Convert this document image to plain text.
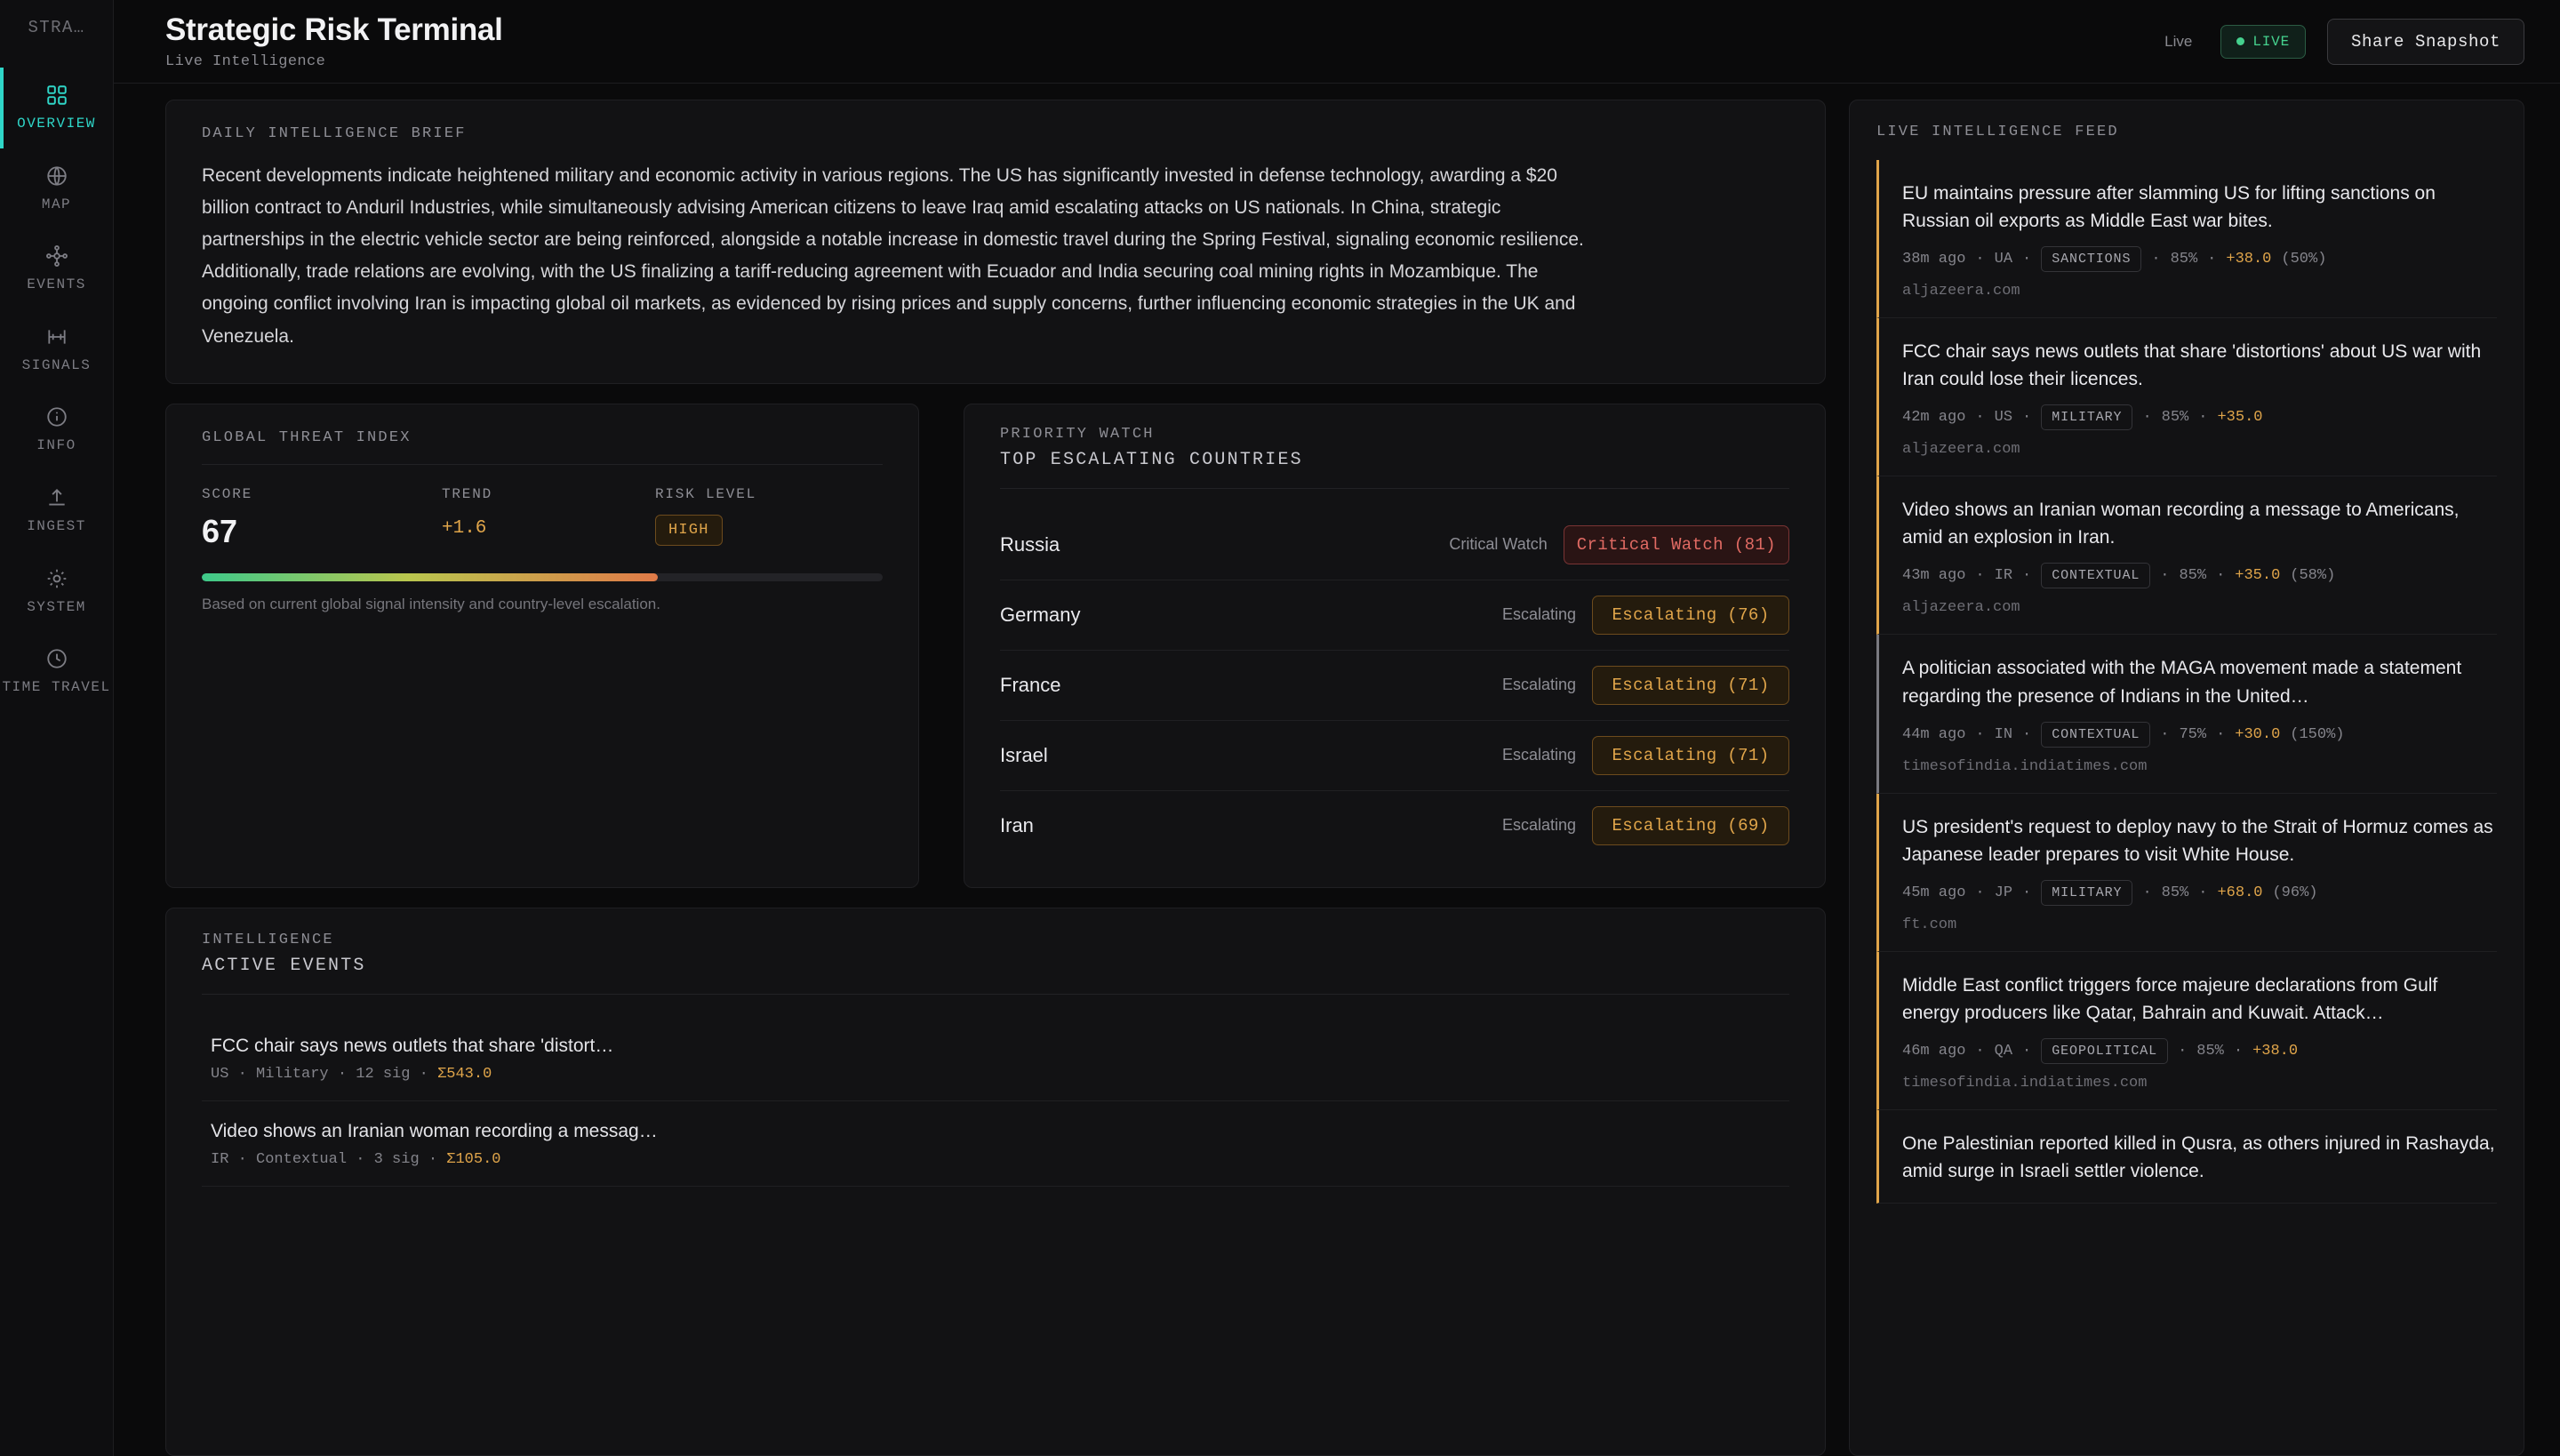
STRA…
OVERVIEW
MAP
EVENTS
SIGNALS
INFO
INGEST
SYSTEM
TIME TRAVEL
Strategic Risk Terminal
Live Intelligence
Live	LIVE	Share Snapshot
DAILY INTELLIGENCE BRIEF

Recent developments indicate heightened military and economic activity in various regions. The US has significantly invested in defense technology, awarding a $20 billion contract to Anduril Industries, while simultaneously advising American citizens to leave Iraq amid escalating attacks on US nationals. In China, strategic partnerships in the electric vehicle sector are being reinforced, alongside a notable increase in domestic travel during the Spring Festival, signaling economic resilience. Additionally, trade relations are evolving, with the US finalizing a tariff-reducing agreement with Ecuador and India securing coal mining rights in Mozambique. The ongoing conflict involving Iran is impacting global oil markets, as evidenced by rising prices and supply concerns, further influencing economic strategies in the UK and Venezuela.

GLOBAL THREAT INDEX
SCORE
67
TREND
+1.6
RISK LEVEL
HIGH
Based on current global signal intensity and country-level escalation.
PRIORITY WATCH
TOP ESCALATING COUNTRIES
Russia	Critical Watch	Critical Watch (81)
Germany	Escalating	Escalating (76)
France	Escalating	Escalating (71)
Israel	Escalating	Escalating (71)
Iran	Escalating	Escalating (69)
INTELLIGENCE
ACTIVE EVENTS
FCC chair says news outlets that share 'distort…
US · Military · 12 sig · Σ543.0
Video shows an Iranian woman recording a messag…
IR · Contextual · 3 sig · Σ105.0
LIVE INTELLIGENCE FEED
EU maintains pressure after slamming US for lifting sanctions on Russian oil exports as Middle East war bites.
38m ago · UA ·	SANCTIONS	· 85% · +38.0 (50%)
aljazeera.com
FCC chair says news outlets that share 'distortions' about US war with Iran could lose their licences.
42m ago · US ·	MILITARY	· 85% · +35.0
aljazeera.com
Video shows an Iranian woman recording a message to Americans, amid an explosion in Iran.
43m ago · IR ·	CONTEXTUAL	· 85% · +35.0 (58%)
aljazeera.com
A politician associated with the MAGA movement made a statement regarding the presence of Indians in the United…
44m ago · IN ·	CONTEXTUAL	· 75% · +30.0 (150%)
timesofindia.indiatimes.com
US president's request to deploy navy to the Strait of Hormuz comes as Japanese leader prepares to visit White House.
45m ago · JP ·	MILITARY	· 85% · +68.0 (96%)
ft.com
Middle East conflict triggers force majeure declarations from Gulf energy producers like Qatar, Bahrain and Kuwait. Attack…
46m ago · QA ·	GEOPOLITICAL	· 85% · +38.0
timesofindia.indiatimes.com
One Palestinian reported killed in Qusra, as others injured in Rashayda, amid surge in Israeli settler violence.
